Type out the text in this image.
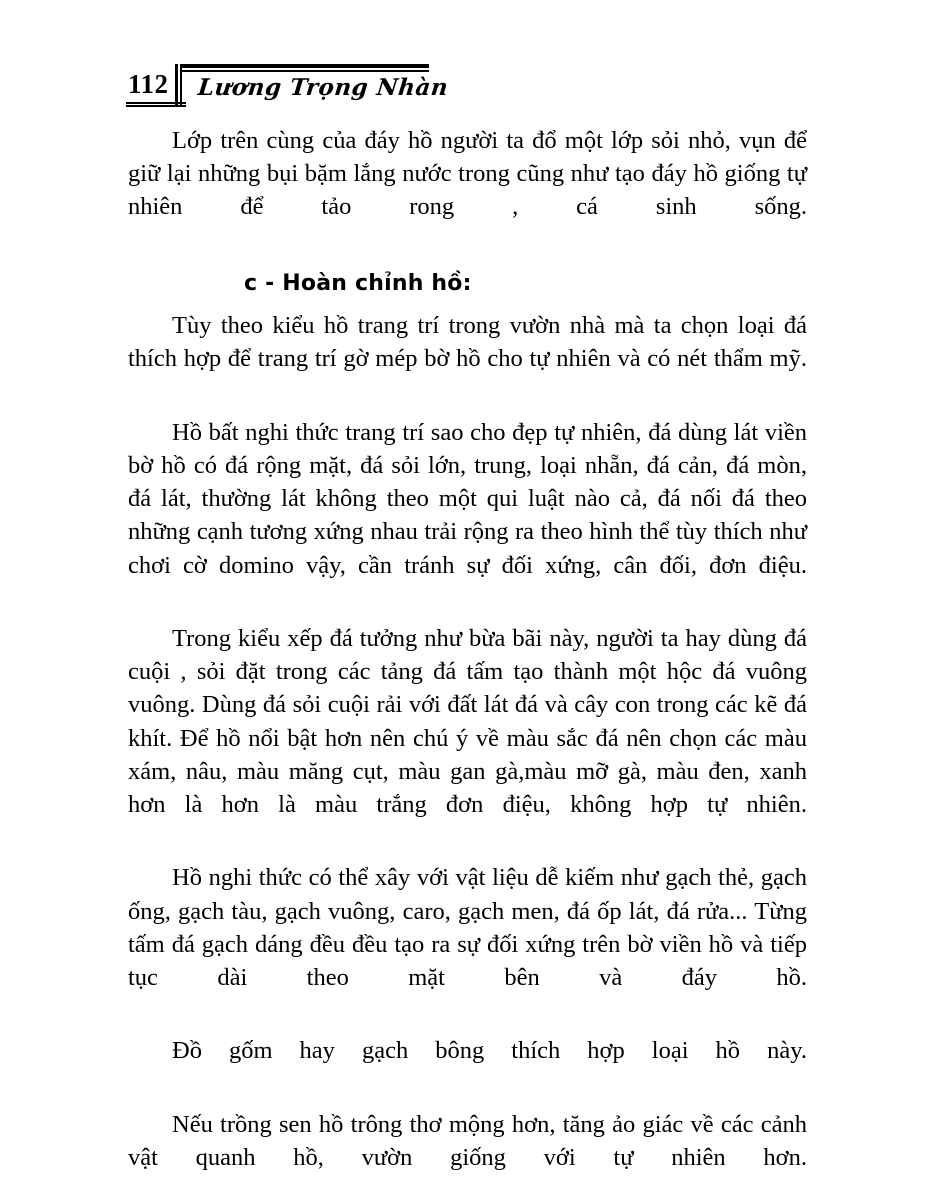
112 Lương Trọng Nhàn

Lớp trên cùng của đáy hồ người ta đổ một lớp sỏi nhỏ, vụn để giữ lại những bụi bặm lắng nước trong cũng như tạo đáy hồ giống tự nhiên để tảo rong , cá sinh sống.

c - Hoàn chỉnh hồ:

Tùy theo kiểu hồ trang trí trong vườn nhà mà ta chọn loại đá thích hợp để trang trí gờ mép bờ hồ cho tự nhiên và có nét thẩm mỹ.

Hồ bất nghi thức trang trí sao cho đẹp tự nhiên, đá dùng lát viền bờ hồ có đá rộng mặt, đá sỏi lớn, trung, loại nhẵn, đá cản, đá mòn, đá lát, thường lát không theo một qui luật nào cả, đá nối đá theo những cạnh tương xứng nhau trải rộng ra theo hình thể tùy thích như chơi cờ domino vậy, cần tránh sự đối xứng, cân đối, đơn điệu.

Trong kiểu xếp đá tưởng như bừa bãi này, người ta hay dùng đá cuội , sỏi đặt trong các tảng đá tấm tạo thành một hộc đá vuông vuông. Dùng đá sỏi cuội rải với đất lát đá và cây con trong các kẽ đá khít. Để hồ nổi bật hơn nên chú ý về màu sắc đá nên chọn các màu xám, nâu, màu măng cụt, màu gan gà,màu mỡ gà, màu đen, xanh hơn là hơn là màu trắng đơn điệu, không hợp tự nhiên.

Hồ nghi thức có thể xây với vật liệu dễ kiếm như gạch thẻ, gạch ống, gạch tàu, gạch vuông, caro, gạch men, đá ốp lát, đá rửa... Từng tấm đá gạch dáng đều đều tạo ra sự đối xứng trên bờ viền hồ và tiếp tục dài theo mặt bên và đáy hồ.

Đồ gốm hay gạch bông thích hợp loại hồ này.

Nếu trồng sen hồ trông thơ mộng hơn, tăng ảo giác về các cảnh vật quanh hồ, vườn giống với tự nhiên hơn.
